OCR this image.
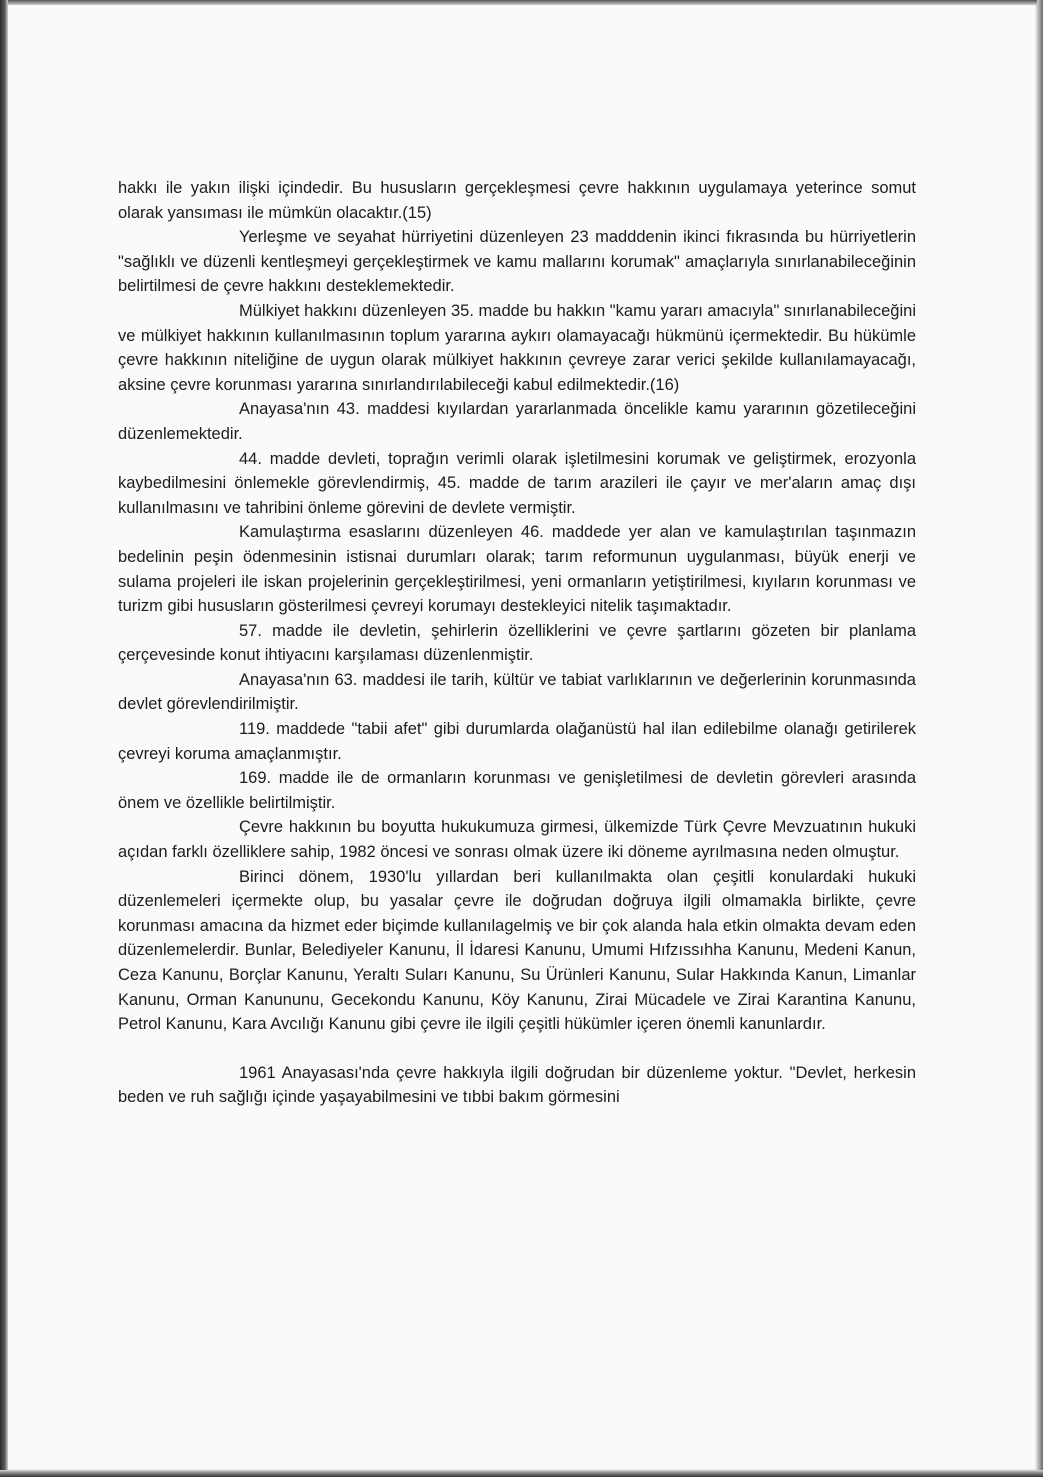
hakkı ile yakın ilişki içindedir. Bu hususların gerçekleşmesi çevre hakkının uygulamaya yeterince somut olarak yansıması ile mümkün olacaktır.(15)

Yerleşme ve seyahat hürriyetini düzenleyen 23 madddenin ikinci fıkrasında bu hürriyetlerin "sağlıklı ve düzenli kentleşmeyi gerçekleştirmek ve kamu mallarını korumak" amaçlarıyla sınırlanabileceğinin belirtilmesi de çevre hakkını desteklemektedir.

Mülkiyet hakkını düzenleyen 35. madde bu hakkın "kamu yararı amacıyla" sınırlanabileceğini ve mülkiyet hakkının kullanılmasının toplum yararına aykırı olamayacağı hükmünü içermektedir. Bu hükümle çevre hakkının niteliğine de uygun olarak mülkiyet hakkının çevreye zarar verici şekilde kullanılamayacağı, aksine çevre korunması yararına sınırlandırılabileceği kabul edilmektedir.(16)

Anayasa'nın 43. maddesi kıyılardan yararlanmada öncelikle kamu yararının gözetileceğini düzenlemektedir.

44. madde devleti, toprağın verimli olarak işletilmesini korumak ve geliştirmek, erozyonla kaybedilmesini önlemekle görevlendirmiş, 45. madde de tarım arazileri ile çayır ve mer'aların amaç dışı kullanılmasını ve tahribini önleme görevini de devlete vermiştir.

Kamulaştırma esaslarını düzenleyen 46. maddede yer alan ve kamulaştırılan taşınmazın bedelinin peşin ödenmesinin istisnai durumları olarak; tarım reformunun uygulanması, büyük enerji ve sulama projeleri ile iskan projelerinin gerçekleştirilmesi, yeni ormanların yetiştirilmesi, kıyıların korunması ve turizm gibi hususların gösterilmesi çevreyi korumayı destekleyici nitelik taşımaktadır.

57. madde ile devletin, şehirlerin özelliklerini ve çevre şartlarını gözeten bir planlama çerçevesinde konut ihtiyacını karşılaması düzenlenmiştir.

Anayasa'nın 63. maddesi ile tarih, kültür ve tabiat varlıklarının ve değerlerinin korunmasında devlet görevlendirilmiştir.

119. maddede "tabii afet" gibi durumlarda olağanüstü hal ilan edilebilme olanağı getirilerek çevreyi koruma amaçlanmıştır.

169. madde ile de ormanların korunması ve genişletilmesi de devletin görevleri arasında önem ve özellikle belirtilmiştir.

Çevre hakkının bu boyutta hukukumuza girmesi, ülkemizde Türk Çevre Mevzuatının hukuki açıdan farklı özelliklere sahip, 1982 öncesi ve sonrası olmak üzere iki döneme ayrılmasına neden olmuştur.

Birinci dönem, 1930'lu yıllardan beri kullanılmakta olan çeşitli konulardaki hukuki düzenlemeleri içermekte olup, bu yasalar çevre ile doğrudan doğruya ilgili olmamakla birlikte, çevre korunması amacına da hizmet eder biçimde kullanılagelmiş ve bir çok alanda hala etkin olmakta devam eden düzenlemelerdir. Bunlar, Belediyeler Kanunu, İl İdaresi Kanunu, Umumi Hıfzıssıhha Kanunu, Medeni Kanun, Ceza Kanunu, Borçlar Kanunu, Yeraltı Suları Kanunu, Su Ürünleri Kanunu, Sular Hakkında Kanun, Limanlar Kanunu, Orman Kanununu, Gecekondu Kanunu, Köy Kanunu, Zirai Mücadele ve Zirai Karantina Kanunu, Petrol Kanunu, Kara Avcılığı Kanunu gibi çevre ile ilgili çeşitli hükümler içeren önemli kanunlardır.

1961 Anayasası'nda çevre hakkıyla ilgili doğrudan bir düzenleme yoktur. "Devlet, herkesin beden ve ruh sağlığı içinde yaşayabilmesini ve tıbbi bakım görmesini
